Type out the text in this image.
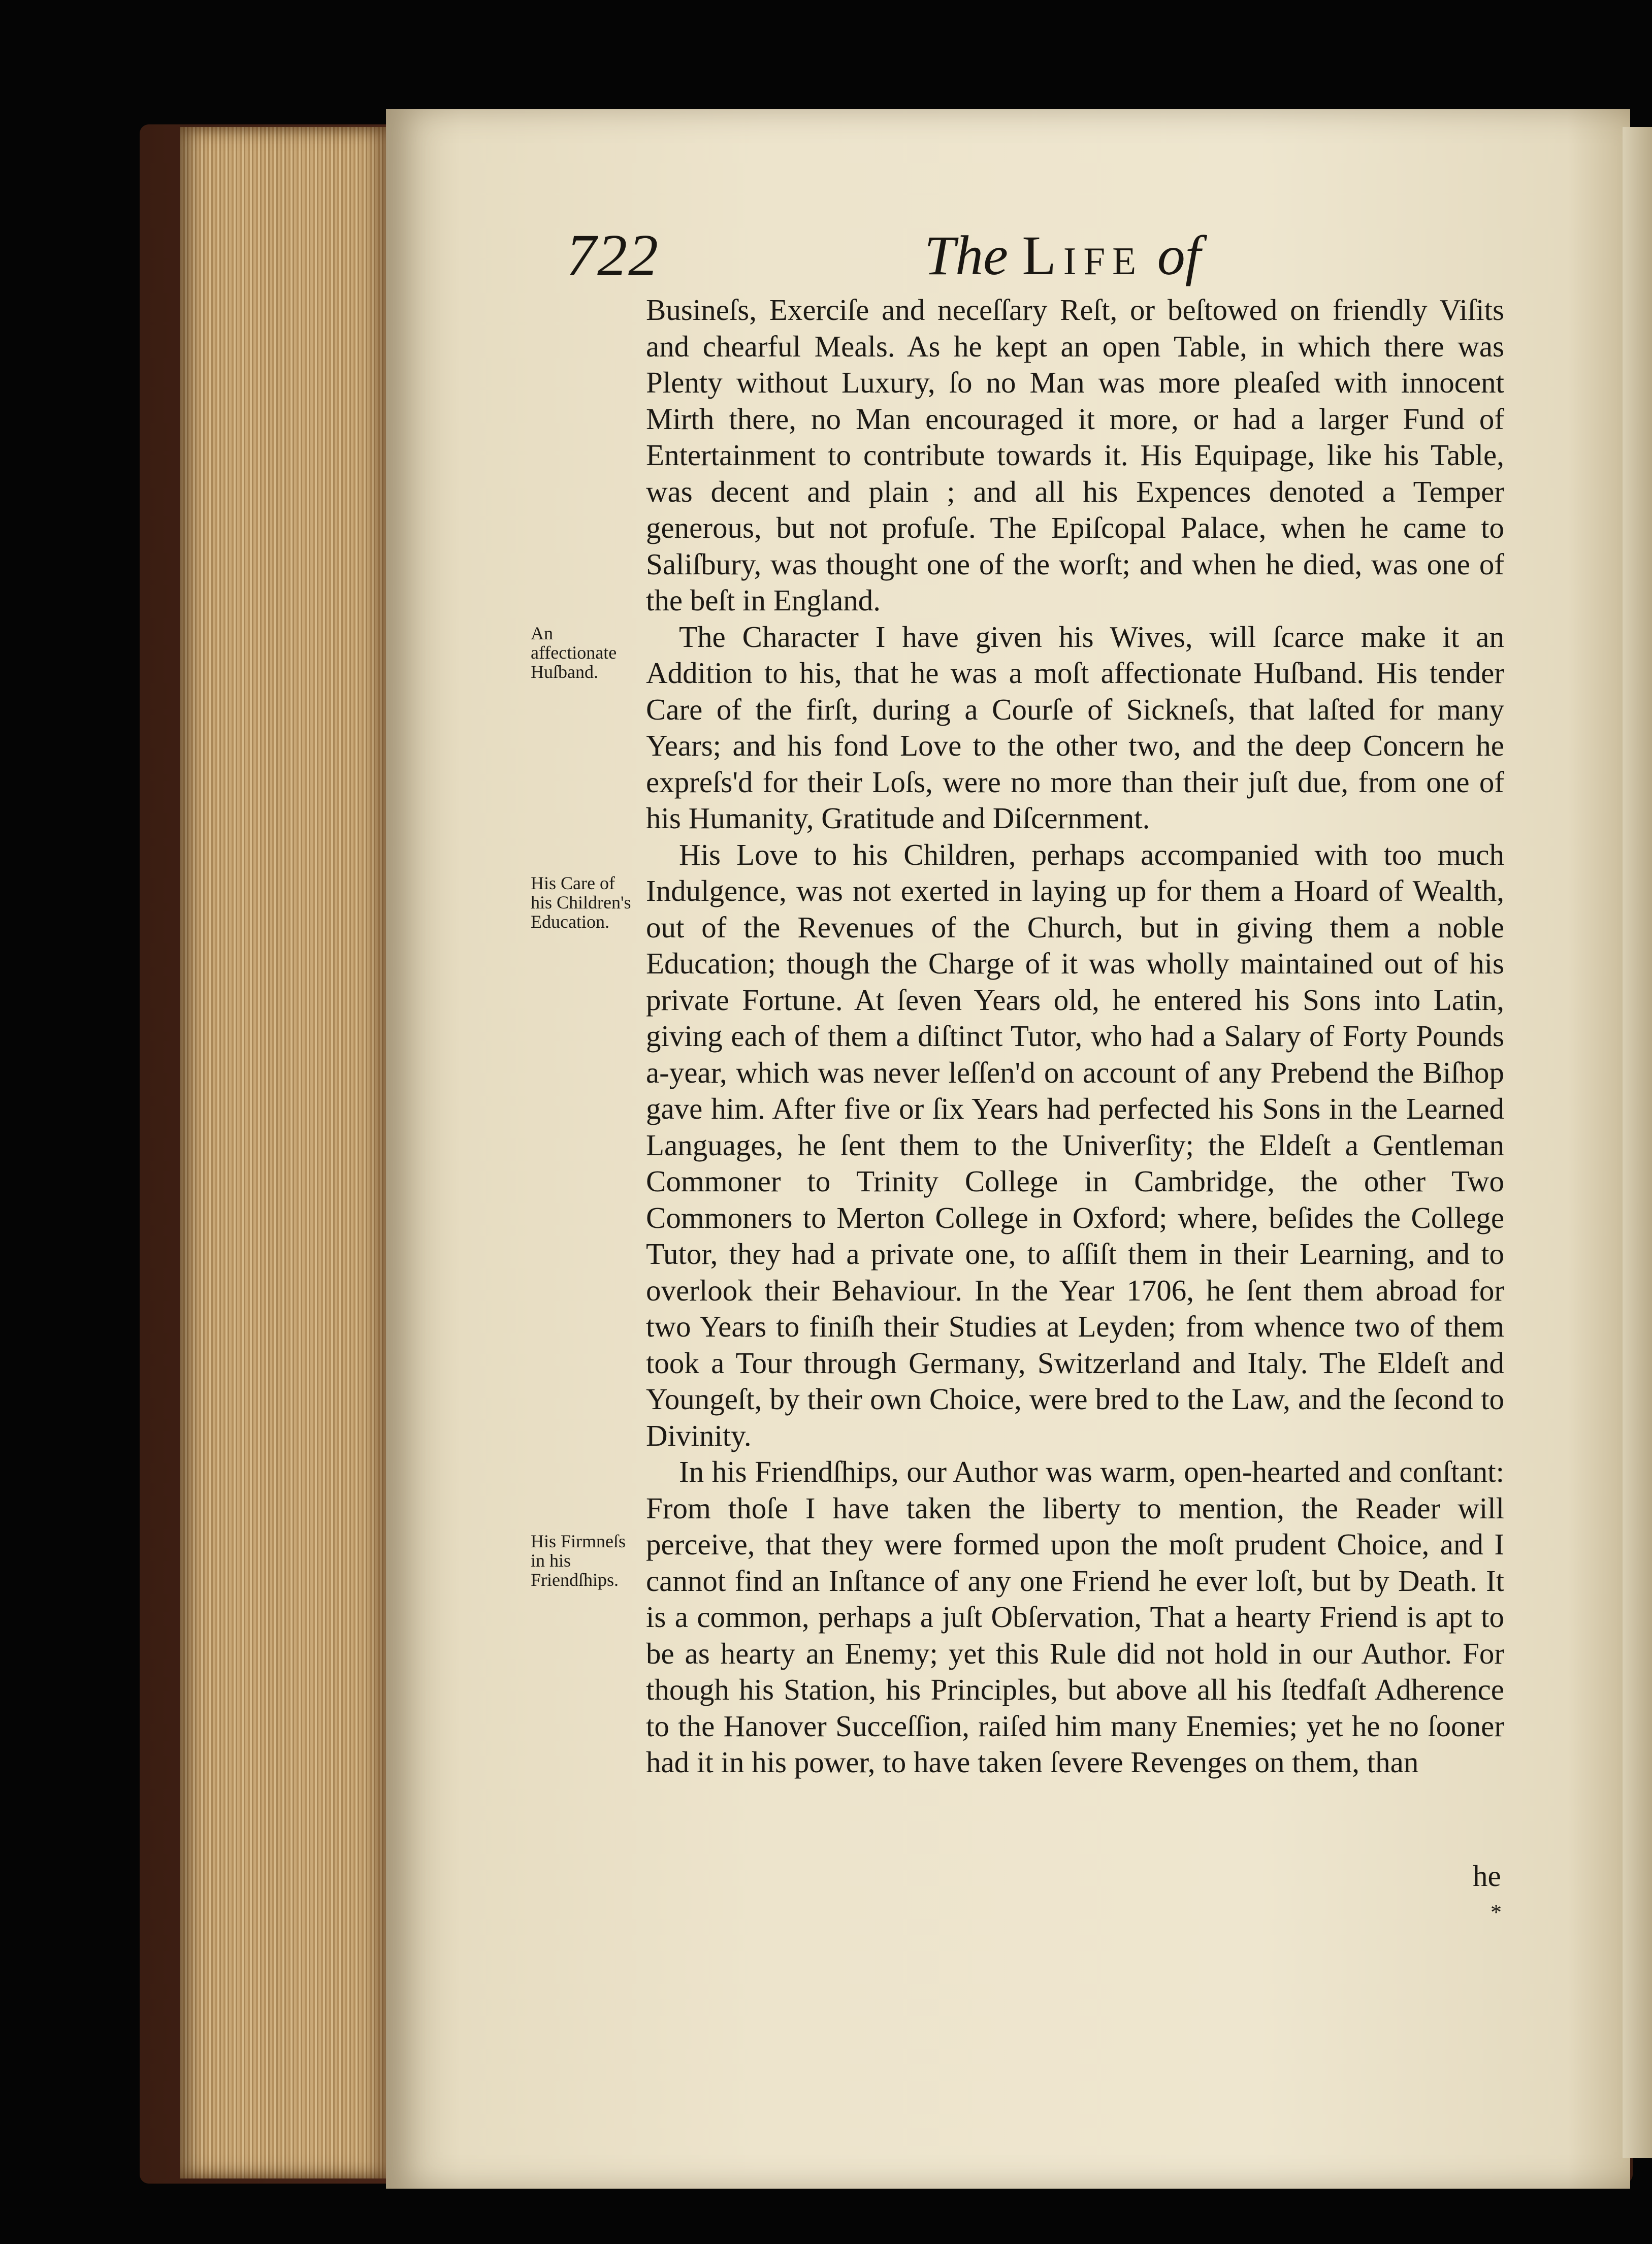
722	The Life of
An affectionate Huſband.
His Care of his Children's Education.
His Firmneſs in his Friendſhips.

Busineſs, Exerciſe and neceſſary Reſt, or beſtowed on friendly Viſits and chearful Meals. As he kept an open Table, in which there was Plenty without Luxury, ſo no Man was more pleaſed with innocent Mirth there, no Man encouraged it more, or had a larger Fund of Entertainment to contribute towards it. His Equipage, like his Table, was decent and plain ; and all his Expences denoted a Temper generous, but not profuſe. The Epiſcopal Palace, when he came to Saliſbury, was thought one of the worſt; and when he died, was one of the beſt in England.

The Character I have given his Wives, will ſcarce make it an Addition to his, that he was a moſt affectionate Huſband. His tender Care of the firſt, during a Courſe of Sickneſs, that laſted for many Years; and his fond Love to the other two, and the deep Concern he expreſs'd for their Loſs, were no more than their juſt due, from one of his Humanity, Gratitude and Diſcernment.

His Love to his Children, perhaps accompanied with too much Indulgence, was not exerted in laying up for them a Hoard of Wealth, out of the Revenues of the Church, but in giving them a noble Education; though the Charge of it was wholly maintained out of his private Fortune. At ſeven Years old, he entered his Sons into Latin, giving each of them a diſtinct Tutor, who had a Salary of Forty Pounds a-year, which was never leſſen'd on account of any Prebend the Biſhop gave him. After five or ſix Years had perfected his Sons in the Learned Languages, he ſent them to the Univerſity; the Eldeſt a Gentleman Commoner to Trinity College in Cambridge, the other Two Commoners to Merton College in Oxford; where, beſides the College Tutor, they had a private one, to aſſiſt them in their Learning, and to overlook their Behaviour. In the Year 1706, he ſent them abroad for two Years to finiſh their Studies at Leyden; from whence two of them took a Tour through Germany, Switzerland and Italy. The Eldeſt and Youngeſt, by their own Choice, were bred to the Law, and the ſecond to Divinity.

In his Friendſhips, our Author was warm, open-hearted and conſtant: From thoſe I have taken the liberty to mention, the Reader will perceive, that they were formed upon the moſt prudent Choice, and I cannot find an Inſtance of any one Friend he ever loſt, but by Death. It is a common, perhaps a juſt Obſervation, That a hearty Friend is apt to be as hearty an Enemy; yet this Rule did not hold in our Author. For though his Station, his Principles, but above all his ſtedfaſt Adherence to the Hanover Succeſſion, raiſed him many Enemies; yet he no ſooner had it in his power, to have taken ſevere Revenges on them, than

he
*
